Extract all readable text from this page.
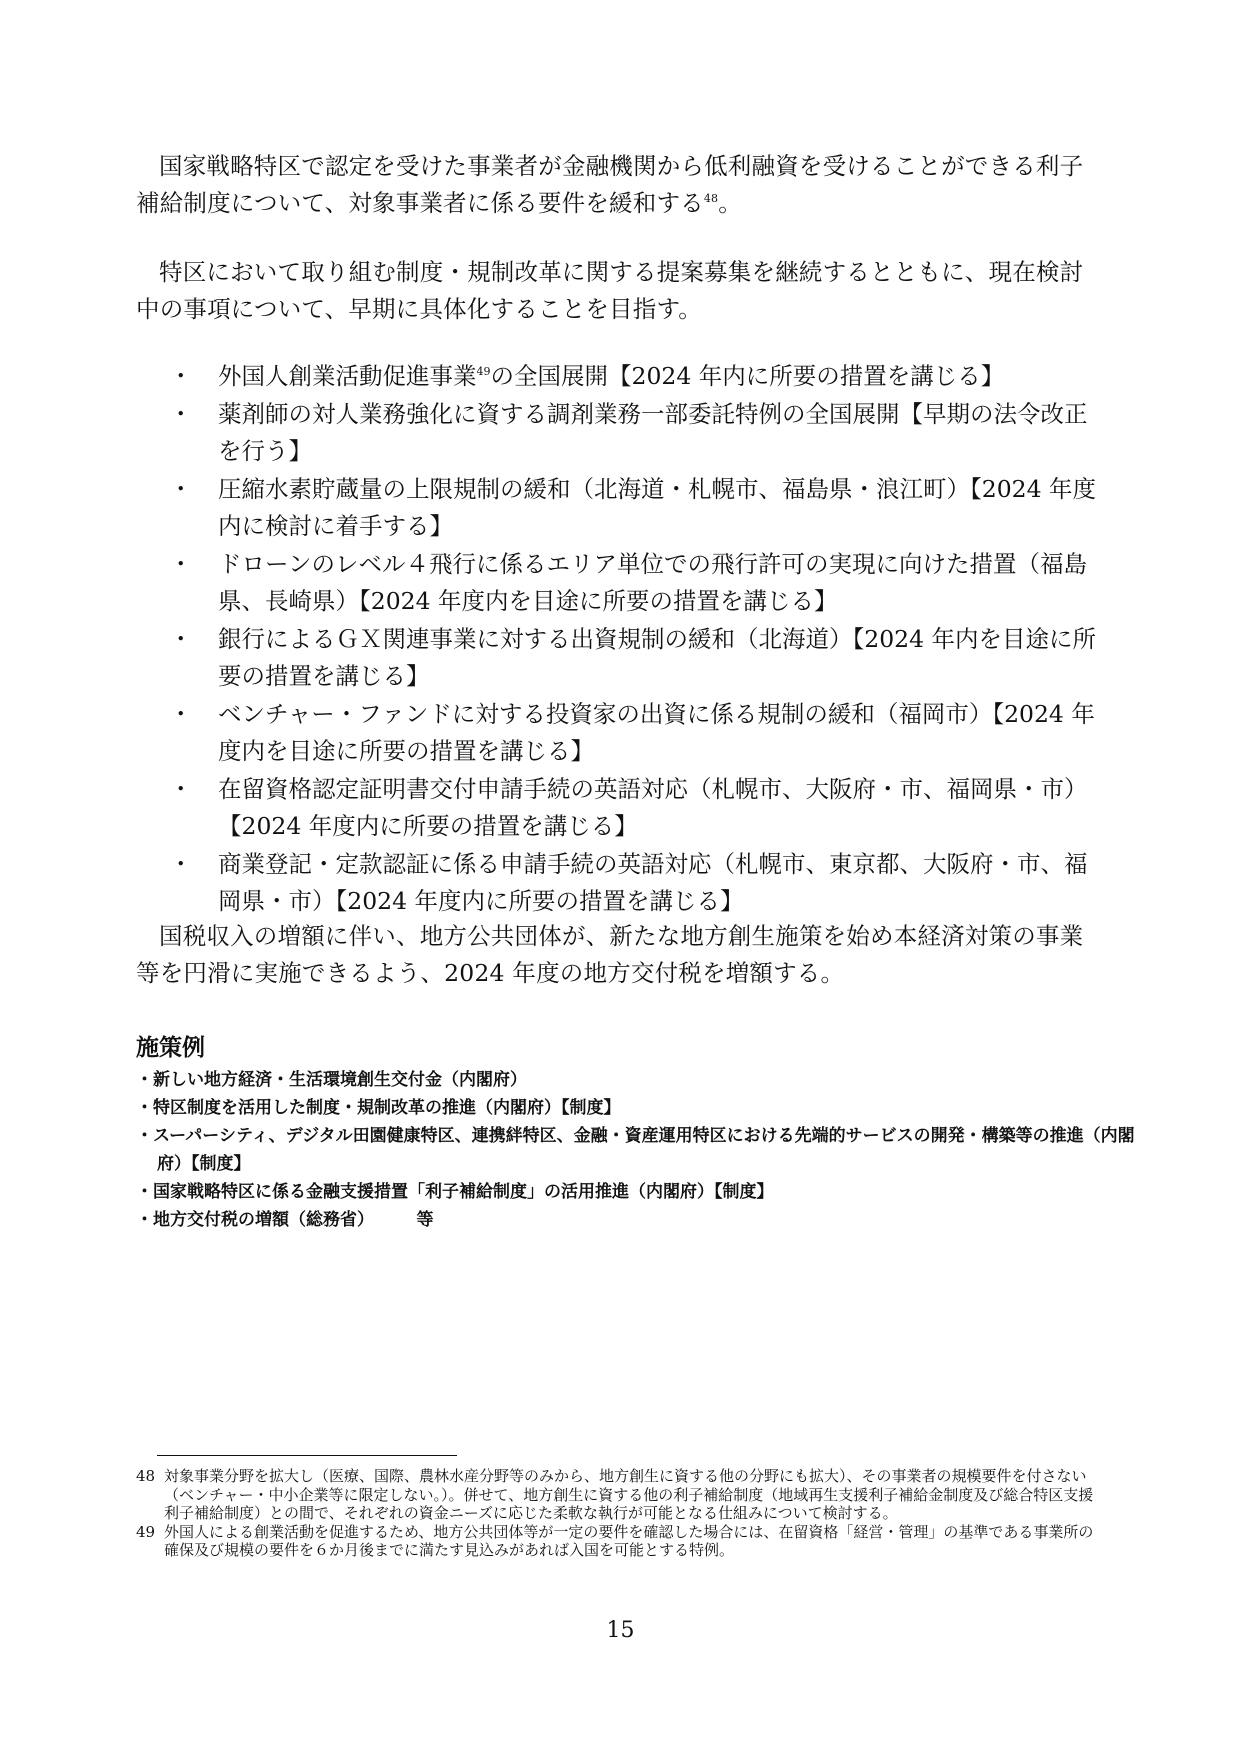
国家戦略特区で認定を受けた事業者が金融機関から低利融資を受けることができる利子補給制度について、対象事業者に係る要件を緩和する$^{48}$。

特区において取り組む制度・規制改革に関する提案募集を継続するとともに、現在検討中の事項について、早期に具体化することを目指す。

・	外国人創業活動促進事業$^{49}$の全国展開【2024 年内に所要の措置を講じる】
・	薬剤師の対人業務強化に資する調剤業務一部委託特例の全国展開【早期の法令改正を行う】
・	圧縮水素貯蔵量の上限規制の緩和（北海道・札幌市、福島県・浪江町）【2024 年度内に検討に着手する】
・	ドローンのレベル４飛行に係るエリア単位での飛行許可の実現に向けた措置（福島県、長崎県）【2024 年度内を目途に所要の措置を講じる】
・	銀行によるＧＸ関連事業に対する出資規制の緩和（北海道）【2024 年内を目途に所要の措置を講じる】
・	ベンチャー・ファンドに対する投資家の出資に係る規制の緩和（福岡市）【2024 年度内を目途に所要の措置を講じる】
・	在留資格認定証明書交付申請手続の英語対応（札幌市、大阪府・市、福岡県・市）【2024 年度内に所要の措置を講じる】
・	商業登記・定款認証に係る申請手続の英語対応（札幌市、東京都、大阪府・市、福岡県・市）【2024 年度内に所要の措置を講じる】

国税収入の増額に伴い、地方公共団体が、新たな地方創生施策を始め本経済対策の事業等を円滑に実施できるよう、2024 年度の地方交付税を増額する。

施策例
・新しい地方経済・生活環境創生交付金（内閣府）
・特区制度を活用した制度・規制改革の推進（内閣府）【制度】
・スーパーシティ、デジタル田園健康特区、連携絆特区、金融・資産運用特区における先端的サービスの開発・構築等の推進（内閣府）【制度】
・国家戦略特区に係る金融支援措置「利子補給制度」の活用推進（内閣府）【制度】
・地方交付税の増額（総務省）　　　等
48 対象事業分野を拡大し（医療、国際、農林水産分野等のみから、地方創生に資する他の分野にも拡大）、その事業者の規模要件を付さない（ベンチャー・中小企業等に限定しない。）。併せて、地方創生に資する他の利子補給制度（地域再生支援利子補給金制度及び総合特区支援利子補給制度）との間で、それぞれの資金ニーズに応じた柔軟な執行が可能となる仕組みについて検討する。
49 外国人による創業活動を促進するため、地方公共団体等が一定の要件を確認した場合には、在留資格「経営・管理」の基準である事業所の確保及び規模の要件を６か月後までに満たす見込みがあれば入国を可能とする特例。
15
